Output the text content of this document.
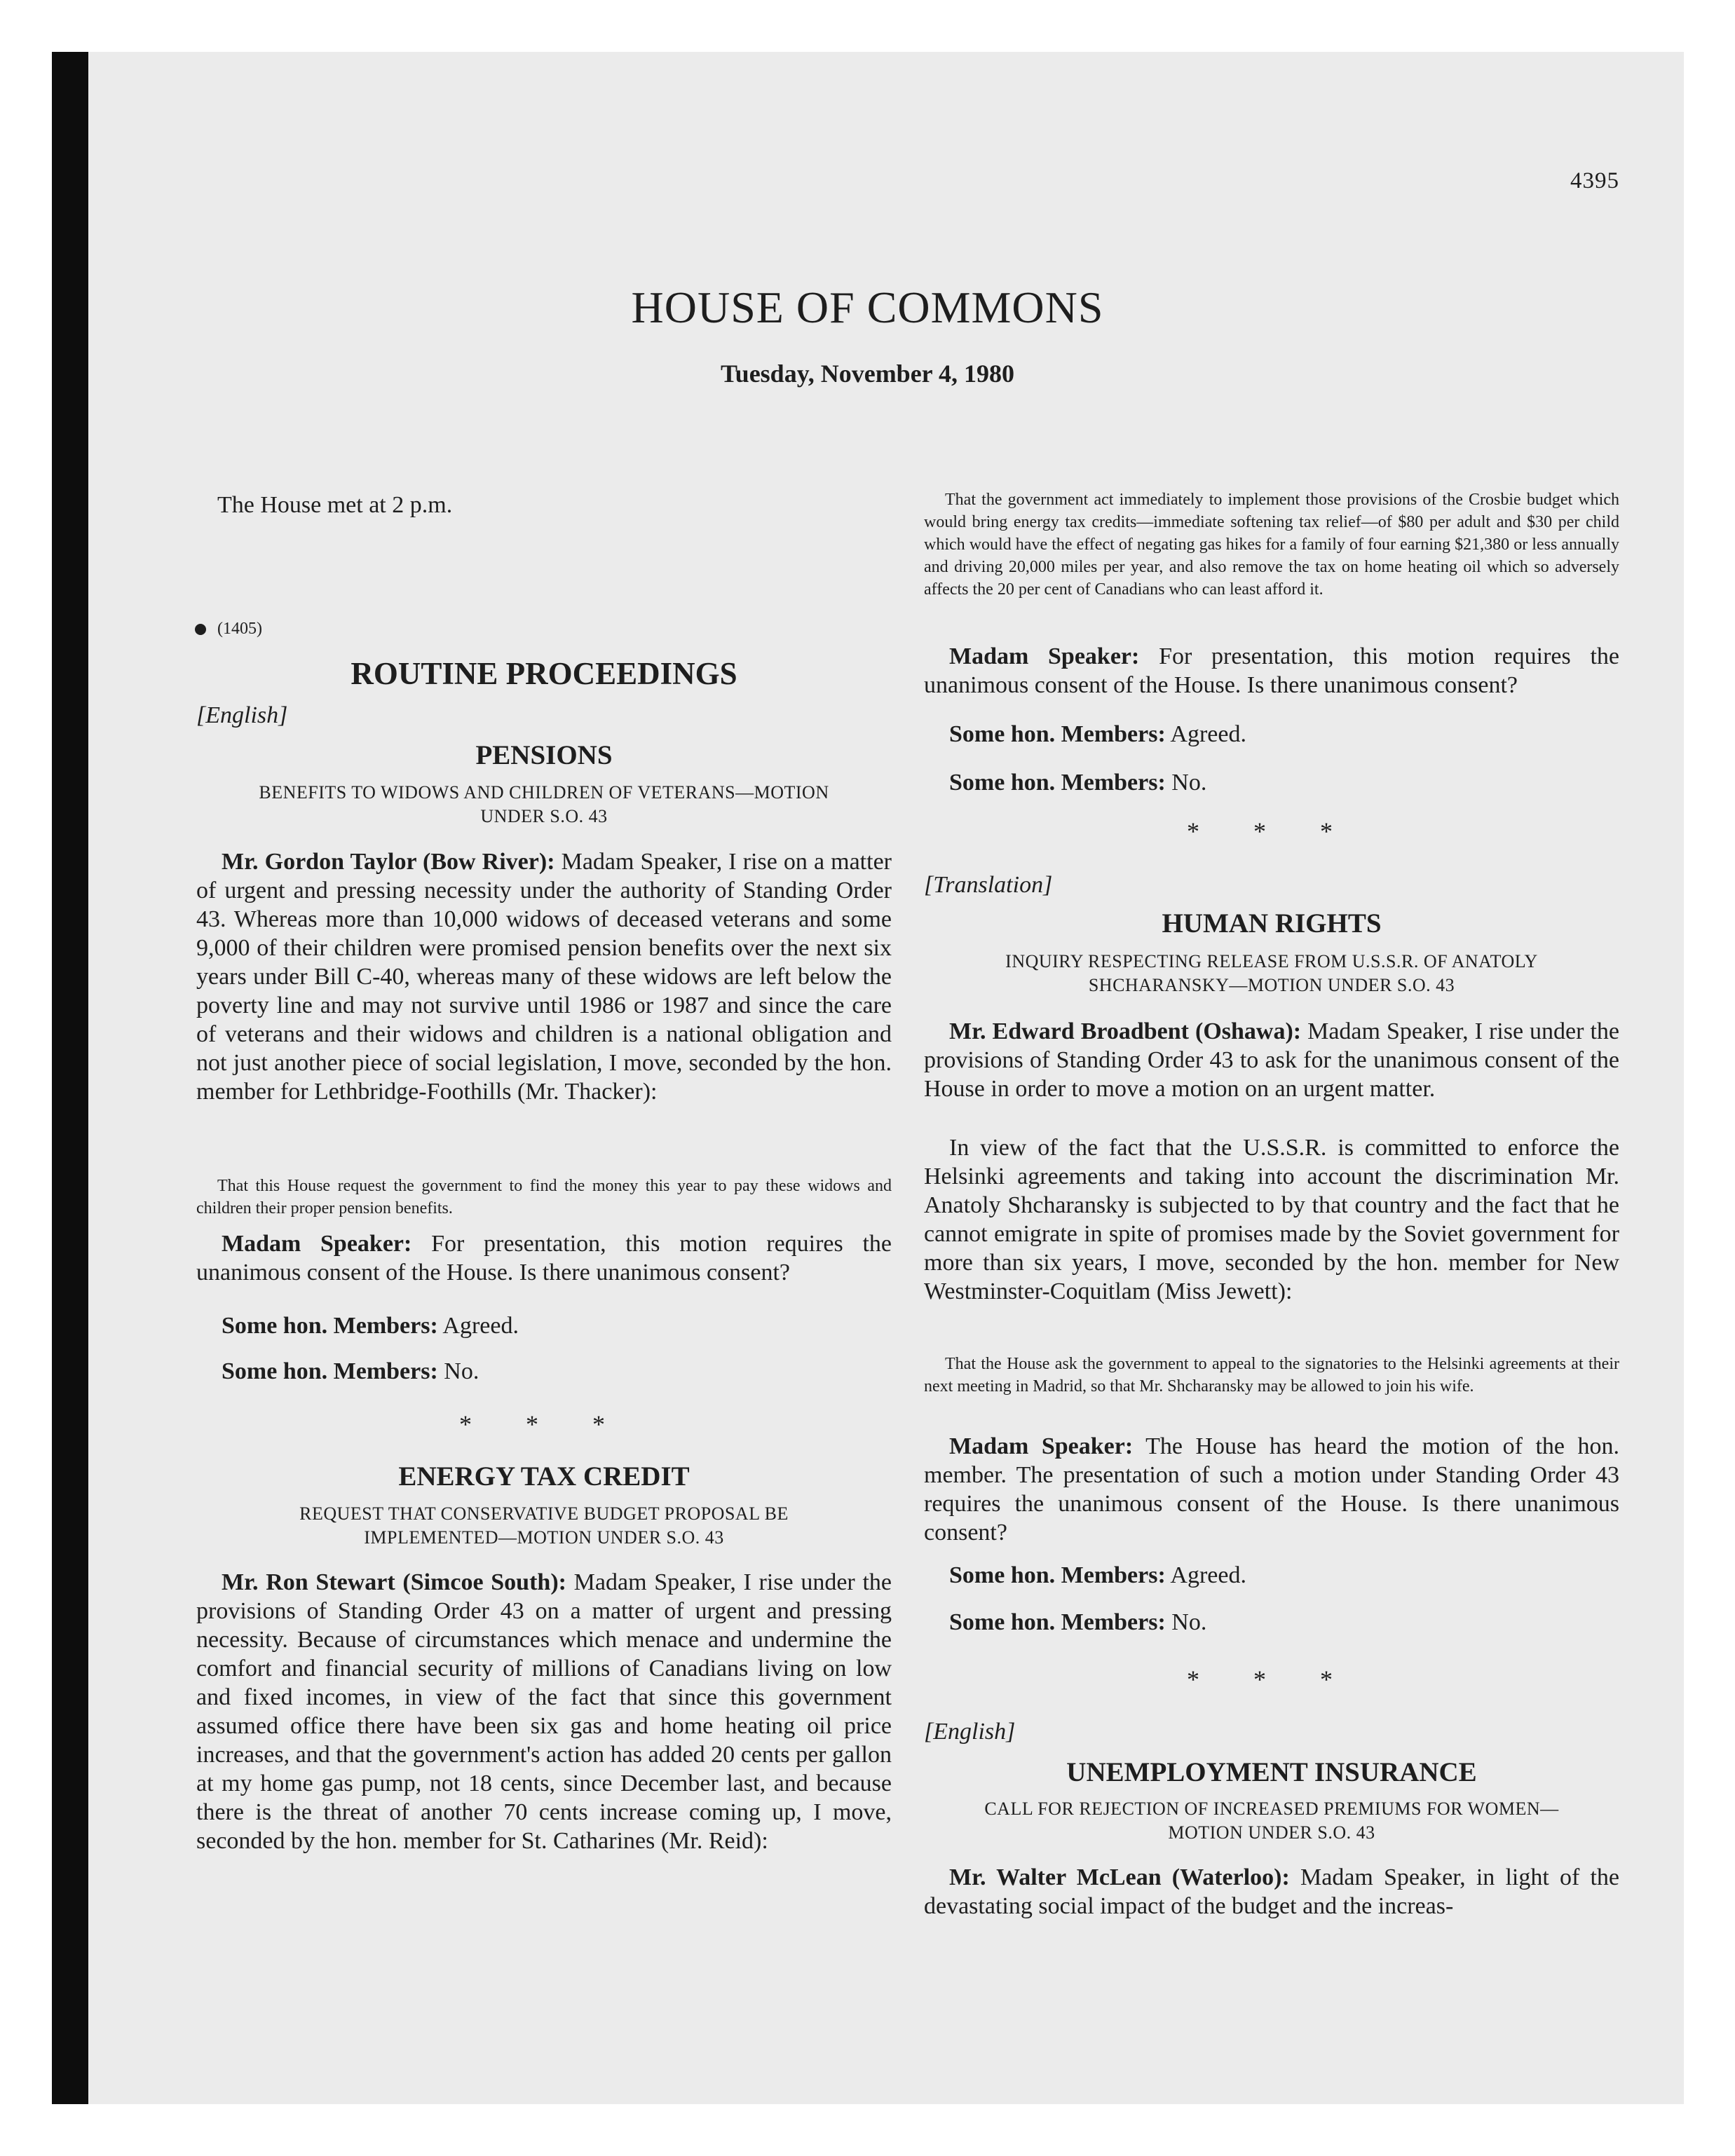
4395
HOUSE OF COMMONS
Tuesday, November 4, 1980

The House met at 2 p.m.

ROUTINE PROCEEDINGS

[English]

PENSIONS

BENEFITS TO WIDOWS AND CHILDREN OF VETERANS—MOTION

UNDER S.O. 43

Mr. Gordon Taylor (Bow River): Madam Speaker, I rise on a matter of urgent and pressing necessity under the authority of Standing Order 43. Whereas more than 10,000 widows of deceased veterans and some 9,000 of their children were promised pension benefits over the next six years under Bill C-40, whereas many of these widows are left below the poverty line and may not survive until 1986 or 1987 and since the care of veterans and their widows and children is a national obligation and not just another piece of social legislation, I move, seconded by the hon. member for Lethbridge-Foothills (Mr. Thacker):

That this House request the government to find the money this year to pay these widows and children their proper pension benefits.

Madam Speaker: For presentation, this motion requires the unanimous consent of the House. Is there unanimous consent?

Some hon. Members: Agreed.

Some hon. Members: No.

* * *

ENERGY TAX CREDIT

REQUEST THAT CONSERVATIVE BUDGET PROPOSAL BE

IMPLEMENTED—MOTION UNDER S.O. 43

Mr. Ron Stewart (Simcoe South): Madam Speaker, I rise under the provisions of Standing Order 43 on a matter of urgent and pressing necessity. Because of circumstances which menace and undermine the comfort and financial security of millions of Canadians living on low and fixed incomes, in view of the fact that since this government assumed office there have been six gas and home heating oil price increases, and that the government's action has added 20 cents per gallon at my home gas pump, not 18 cents, since December last, and because there is the threat of another 70 cents increase coming up, I move, seconded by the hon. member for St. Catharines (Mr. Reid):

(1405)

That the government act immediately to implement those provisions of the Crosbie budget which would bring energy tax credits—immediate softening tax relief—of $80 per adult and $30 per child which would have the effect of negating gas hikes for a family of four earning $21,380 or less annually and driving 20,000 miles per year, and also remove the tax on home heating oil which so adversely affects the 20 per cent of Canadians who can least afford it.

Madam Speaker: For presentation, this motion requires the unanimous consent of the House. Is there unanimous consent?

Some hon. Members: Agreed.

Some hon. Members: No.

* * *

[Translation]

HUMAN RIGHTS

INQUIRY RESPECTING RELEASE FROM U.S.S.R. OF ANATOLY

SHCHARANSKY—MOTION UNDER S.O. 43

Mr. Edward Broadbent (Oshawa): Madam Speaker, I rise under the provisions of Standing Order 43 to ask for the unanimous consent of the House in order to move a motion on an urgent matter.

In view of the fact that the U.S.S.R. is committed to enforce the Helsinki agreements and taking into account the discrimination Mr. Anatoly Shcharansky is subjected to by that country and the fact that he cannot emigrate in spite of promises made by the Soviet government for more than six years, I move, seconded by the hon. member for New Westminster-Coquitlam (Miss Jewett):

That the House ask the government to appeal to the signatories to the Helsinki agreements at their next meeting in Madrid, so that Mr. Shcharansky may be allowed to join his wife.

Madam Speaker: The House has heard the motion of the hon. member. The presentation of such a motion under Standing Order 43 requires the unanimous consent of the House. Is there unanimous consent?

Some hon. Members: Agreed.

Some hon. Members: No.

* * *

[English]

UNEMPLOYMENT INSURANCE

CALL FOR REJECTION OF INCREASED PREMIUMS FOR WOMEN—

MOTION UNDER S.O. 43

Mr. Walter McLean (Waterloo): Madam Speaker, in light of the devastating social impact of the budget and the increas-
